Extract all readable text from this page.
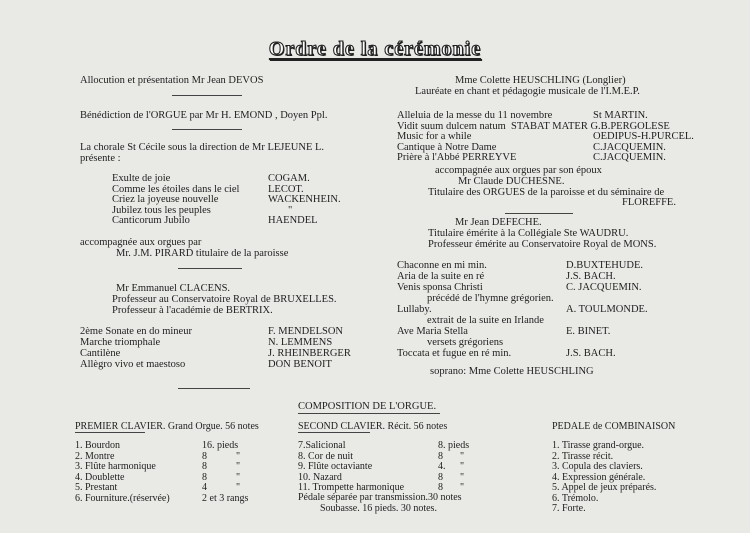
Ordre de la cérémonie
Allocution et présentation Mr Jean DEVOS
Bénédiction de l'ORGUE par Mr H. EMOND , Doyen Ppl.
La chorale St Cécile sous la direction de Mr LEJEUNE L.
présente :
Exulte de joie	COGAM.
Comme les étoiles dans le ciel	LECOT.
Criez la joyeuse nouvelle	WACKENHEIN.
Jubilez tous les peuples	"
Canticorum Jubilo	HAENDEL
accompagnée aux orgues par
Mr. J.M. PIRARD titulaire de la paroisse
Mr Emmanuel CLACENS.
Professeur au Conservatoire Royal de BRUXELLES.
Professeur à l'académie de BERTRIX.
2ème Sonate en do mineur	F. MENDELSON
Marche triomphale	N. LEMMENS
Cantilène	J. RHEINBERGER
Allègro vivo et maestoso	DON BENOIT
Mme Colette HEUSCHLING (Longlier)
Lauréate en chant et pédagogie musicale de l'I.M.E.P.
Alleluia de la messe du 11 novembre	St MARTIN.
Vidit suum dulcem natum STABAT MATER G.B.PERGOLESE
Music for a while	OEDIPUS-H.PURCEL.
Cantique à Notre Dame	C.JACQUEMIN.
Prière à l'Abbé PERREYVE	C.JACQUEMIN.
accompagnée aux orgues par son époux
Mr Claude DUCHESNE.
Titulaire des ORGUES de la paroisse et du séminaire de
FLOREFFE.
Mr Jean DEFECHE.
Titulaire émérite à la Collégiale Ste WAUDRU.
Professeur émérite au Conservatoire Royal de MONS.
Chaconne en mi min.	D.BUXTEHUDE.
Aria de la suite en ré	J.S. BACH.
Venis sponsa Christi	C. JACQUEMIN.
précédé de l'hymne grégorien.
Lullaby.	A. TOULMONDE.
extrait de la suite en Irlande
Ave Maria Stella	E. BINET.
versets grégoriens
Toccata et fugue en ré min.	J.S. BACH.
soprano: Mme Colette HEUSCHLING
COMPOSITION DE L'ORGUE.
PREMIER CLAVIER. Grand Orgue. 56 notes
1. Bourdon	16. pieds
2. Montre	8	"
3. Flûte harmonique	8	"
4. Doublette	8	"
5. Prestant	4	"
6. Fourniture.(réservée)	2 et 3 rangs
SECOND CLAVIER. Récit. 56 notes
7.Salicional	8. pieds
8. Cor de nuit	8 "
9. Flûte octaviante	4. "
10. Nazard	8 "
11. Trompette harmonique	8 "
Pédale séparée par transmission.30 notes
Soubasse. 16 pieds. 30 notes.
PEDALE de COMBINAISON
1. Tirasse grand-orgue.
2. Tirasse récit.
3. Copula des claviers.
4. Expression générale.
5. Appel de jeux préparés.
6. Trémolo.
7. Forte.
